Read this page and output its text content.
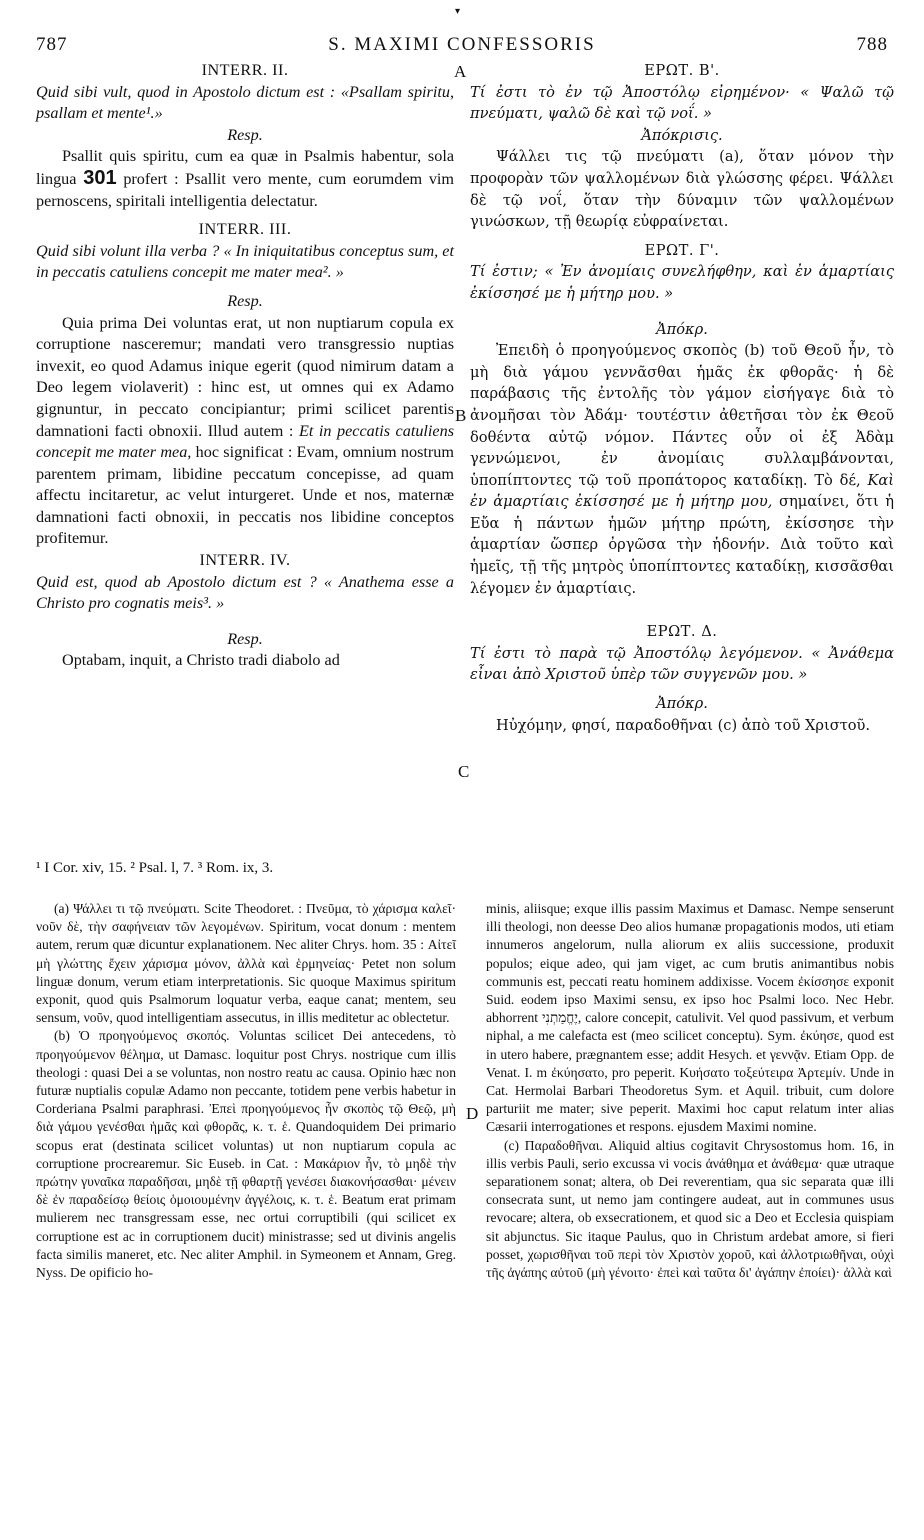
▾
787	S. MAXIMI CONFESSORIS	788
A
B
C
D

INTERR. II.

Quid sibi vult, quod in Apostolo dictum est : «Psallam spiritu, psallam et mente¹.»

Resp.

Psallit quis spiritu, cum ea quæ in Psalmis habentur, sola lingua 301 profert : Psallit vero mente, cum eorumdem vim pernoscens, spiritali intelligentia delectatur.

INTERR. III.

Quid sibi volunt illa verba ? « In iniquitatibus conceptus sum, et in peccatis catuliens concepit me mater mea². »

Resp.

Quia prima Dei voluntas erat, ut non nuptiarum copula ex corruptione nasceremur; mandati vero transgressio nuptias invexit, eo quod Adamus inique egerit (quod nimirum datam a Deo legem violaverit) : hinc est, ut omnes qui ex Adamo gignuntur, in peccato concipiantur; primi scilicet parentis damnationi facti obnoxii. Illud autem : Et in peccatis catuliens concepit me mater mea, hoc significat : Evam, omnium nostrum parentem primam, libidine peccatum concepisse, ad quam affectu incitaretur, ac velut inturgeret. Unde et nos, maternæ damnationi facti obnoxii, in peccatis nos libidine conceptos profitemur.

INTERR. IV.

Quid est, quod ab Apostolo dictum est ? « Anathema esse a Christo pro cognatis meis³. »

Resp.

Optabam, inquit, a Christo tradi diabolo ad

¹ I Cor. xiv, 15. ² Psal. l, 7. ³ Rom. ix, 3.

ΕΡΩΤ. Β'.

Τί ἐστι τὸ ἐν τῷ Ἀποστόλῳ εἰρημένον· « Ψαλῶ τῷ πνεύματι, ψαλῶ δὲ καὶ τῷ νοΐ. »

Ἀπόκρισις.

Ψάλλει τις τῷ πνεύματι (a), ὅταν μόνον τὴν προφορὰν τῶν ψαλλομένων διὰ γλώσσης φέρει. Ψάλλει δὲ τῷ νοΐ, ὅταν τὴν δύναμιν τῶν ψαλλομένων γινώσκων, τῇ θεωρίᾳ εὐφραίνεται.

ΕΡΩΤ. Γ'.

Τί ἐστιν; « Ἐν ἀνομίαις συνελήφθην, καὶ ἐν ἁμαρτίαις ἐκίσσησέ με ἡ μήτηρ μου. »

Ἀπόκρ.

Ἐπειδὴ ὁ προηγούμενος σκοπὸς (b) τοῦ Θεοῦ ἦν, τὸ μὴ διὰ γάμου γεννᾶσθαι ἡμᾶς ἐκ φθορᾶς· ἡ δὲ παράβασις τῆς ἐντολῆς τὸν γάμον εἰσήγαγε διὰ τὸ ἀνομῆσαι τὸν Ἀδάμ· τουτέστιν ἀθετῆσαι τὸν ἐκ Θεοῦ δοθέντα αὐτῷ νόμον. Πάντες οὖν οἱ ἐξ Ἀδὰμ γεννώμενοι, ἐν ἀνομίαις συλλαμβάνονται, ὑποπίπτοντες τῷ τοῦ προπάτορος καταδίκῃ. Τὸ δέ, Καὶ ἐν ἁμαρτίαις ἐκίσσησέ με ἡ μήτηρ μου, σημαίνει, ὅτι ἡ Εὔα ἡ πάντων ἡμῶν μήτηρ πρώτη, ἐκίσσησε τὴν ἁμαρτίαν ὥσπερ ὀργῶσα τὴν ἡδονήν. Διὰ τοῦτο καὶ ἡμεῖς, τῇ τῆς μητρὸς ὑποπίπτοντες καταδίκῃ, κισσᾶσθαι λέγομεν ἐν ἁμαρτίαις.

ΕΡΩΤ. Δ.

Τί ἐστι τὸ παρὰ τῷ Ἀποστόλῳ λεγόμενον. « Ἀνάθεμα εἶναι ἀπὸ Χριστοῦ ὑπὲρ τῶν συγγενῶν μου. »

Ἀπόκρ.

Ηὐχόμην, φησί, παραδοθῆναι (c) ἀπὸ τοῦ Χριστοῦ.

(a) Ψάλλει τι τῷ πνεύματι. Scite Theodoret. : Πνεῦμα, τὸ χάρισμα καλεῖ· νοῦν δὲ, τὴν σαφήνειαν τῶν λεγομένων. Spiritum, vocat donum : mentem autem, rerum quæ dicuntur explanationem. Nec aliter Chrys. hom. 35 : Αἰτεῖ μὴ γλώττης ἔχειν χάρισμα μόνον, ἀλλὰ καὶ ἑρμηνείας· Petet non solum linguæ donum, verum etiam interpretationis. Sic quoque Maximus spiritum exponit, quod quis Psalmorum loquatur verba, eaque canat; mentem, seu sensum, νοῦν, quod intelligentiam assecutus, in illis meditetur ac oblectetur.

(b) Ὁ προηγούμενος σκοπός. Voluntas scilicet Dei antecedens, τὸ προηγούμενον θέλημα, ut Damasc. loquitur post Chrys. nostrique cum illis theologi : quasi Dei a se voluntas, non nostro reatu ac causa. Opinio hæc non futuræ nuptialis copulæ Adamo non peccante, totidem pene verbis habetur in Corderiana Psalmi paraphrasi. Ἐπεὶ προηγούμενος ἦν σκοπὸς τῷ Θεῷ, μὴ διὰ γάμου γενέσθαι ἡμᾶς καὶ φθορᾶς, κ. τ. ἑ. Quandoquidem Dei primario scopus erat (destinata scilicet voluntas) ut non nuptiarum copula ac corruptione procrearemur. Sic Euseb. in Cat. : Μακάριον ἦν, τὸ μηδὲ τὴν πρώτην γυναῖκα παραδῆσαι, μηδὲ τῇ φθαρτῇ γενέσει διακονήσασθαι· μένειν δὲ ἐν παραδείσῳ θείοις ὁμοιουμένην ἀγγέλοις, κ. τ. ἑ. Beatum erat primam mulierem nec transgressam esse, nec ortui corruptibili (qui scilicet ex corruptione est ac in corruptionem ducit) ministrasse; sed ut divinis angelis facta similis maneret, etc. Nec aliter Amphil. in Symeonem et Annam, Greg. Nyss. De opificio ho-

minis, aliisque; exque illis passim Maximus et Damasc. Nempe senserunt illi theologi, non deesse Deo alios humanæ propagationis modos, uti etiam innumeros angelorum, nulla aliorum ex aliis successione, produxit populos; eique adeo, qui jam viget, ac cum brutis animantibus nobis communis est, peccati reatu hominem addixisse. Vocem ἐκίσσησε exponit Suid. eodem ipso Maximi sensu, ex ipso hoc Psalmi loco. Nec Hebr. abhorrent יֶחֱמַתְנִי, calore concepit, catulivit. Vel quod passivum, et verbum niphal, a me calefacta est (meo scilicet conceptu). Sym. ἐκύησε, quod est in utero habere, prægnantem esse; addit Hesych. et γεννᾷν. Etiam Opp. de Venat. I. m ἐκύησατο, pro peperit. Κυήσατο τοξεύτειρα Ἀρτεμίν. Unde in Cat. Hermolai Barbari Theodoretus Sym. et Aquil. tribuit, cum dolore parturiit me mater; sive peperit. Maximi hoc caput relatum inter alias Cæsarii interrogationes et respons. ejusdem Maximi nomine.

(c) Παραδοθῆναι. Aliquid altius cogitavit Chrysostomus hom. 16, in illis verbis Pauli, serio excussa vi vocis ἀνάθημα et ἀνάθεμα· quæ utraque separationem sonat; altera, ob Dei reverentiam, qua sic separata quæ illi consecrata sunt, ut nemo jam contingere audeat, aut in communes usus revocare; altera, ob exsecrationem, et quod sic a Deo et Ecclesia quispiam sit abjunctus. Sic itaque Paulus, quo in Christum ardebat amore, si fieri posset, χωρισθῆναι τοῦ περὶ τὸν Χριστὸν χοροῦ, καὶ ἀλλοτριωθῆναι, οὐχὶ τῆς ἀγάπης αὐτοῦ (μὴ γένοιτο· ἐπεὶ καὶ ταῦτα δι' ἀγάπην ἐποίει)· ἀλλὰ καὶ
